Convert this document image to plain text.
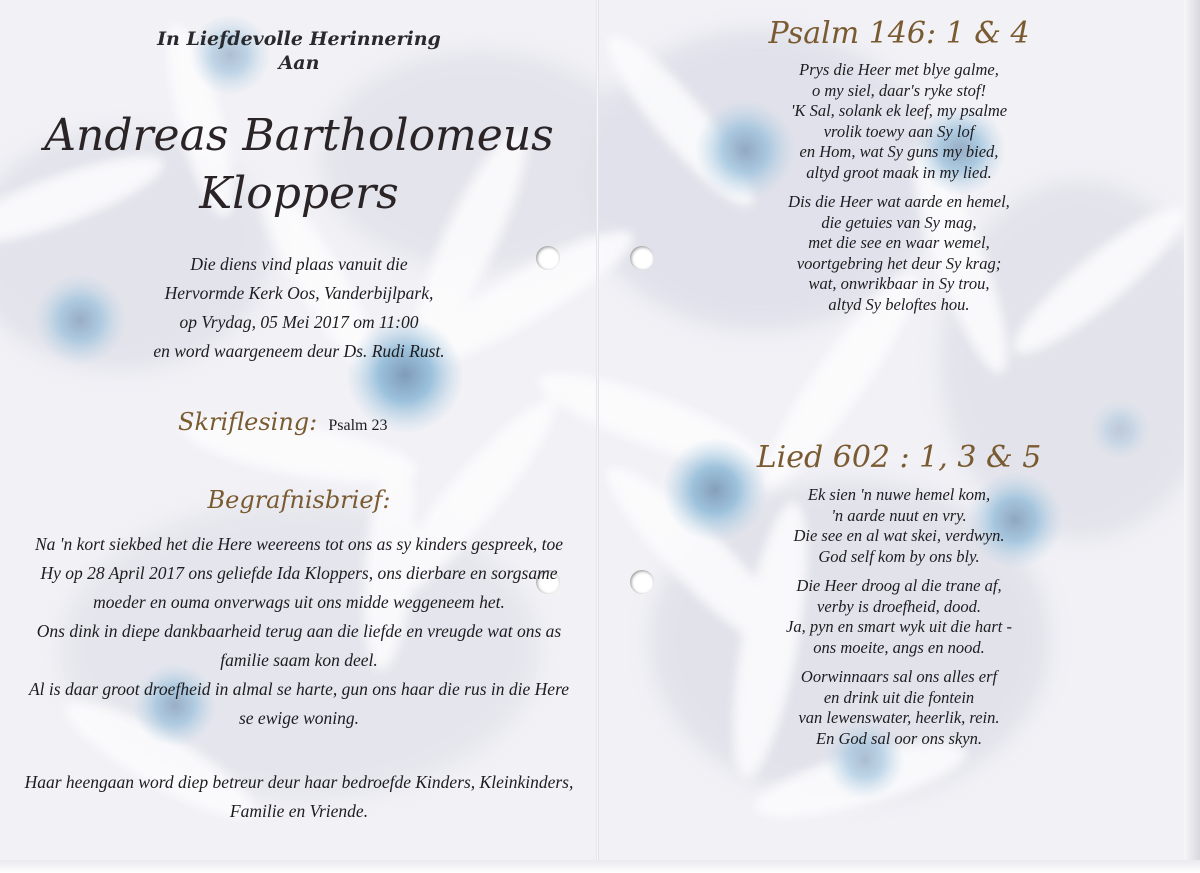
In Liefdevolle Herinnering
Aan
Andreas Bartholomeus
Kloppers
Die diens vind plaas vanuit die
Hervormde Kerk Oos, Vanderbijlpark,
op Vrydag, 05 Mei 2017 om 11:00
en word waargeneem deur Ds. Rudi Rust.
Skriflesing: Psalm 23
Begrafnisbrief:
Na 'n kort siekbed het die Here weereens tot ons as sy kinders gespreek, toe
Hy op 28 April 2017 ons geliefde Ida Kloppers, ons dierbare en sorgsame
moeder en ouma onverwags uit ons midde weggeneem het.
Ons dink in diepe dankbaarheid terug aan die liefde en vreugde wat ons as
familie saam kon deel.
Al is daar groot droefheid in almal se harte, gun ons haar die rus in die Here
se ewige woning.
Haar heengaan word diep betreur deur haar bedroefde Kinders, Kleinkinders,
Familie en Vriende.
Psalm 146: 1 & 4
Prys die Heer met blye galme,
o my siel, daar's ryke stof!
'K Sal, solank ek leef, my psalme
vrolik toewy aan Sy lof
en Hom, wat Sy guns my bied,
altyd groot maak in my lied.
Dis die Heer wat aarde en hemel,
die getuies van Sy mag,
met die see en waar wemel,
voortgebring het deur Sy krag;
wat, onwrikbaar in Sy trou,
altyd Sy beloftes hou.
Lied 602 : 1, 3 & 5
Ek sien 'n nuwe hemel kom,
'n aarde nuut en vry.
Die see en al wat skei, verdwyn.
God self kom by ons bly.
Die Heer droog al die trane af,
verby is droefheid, dood.
Ja, pyn en smart wyk uit die hart -
ons moeite, angs en nood.
Oorwinnaars sal ons alles erf
en drink uit die fontein
van lewenswater, heerlik, rein.
En God sal oor ons skyn.
